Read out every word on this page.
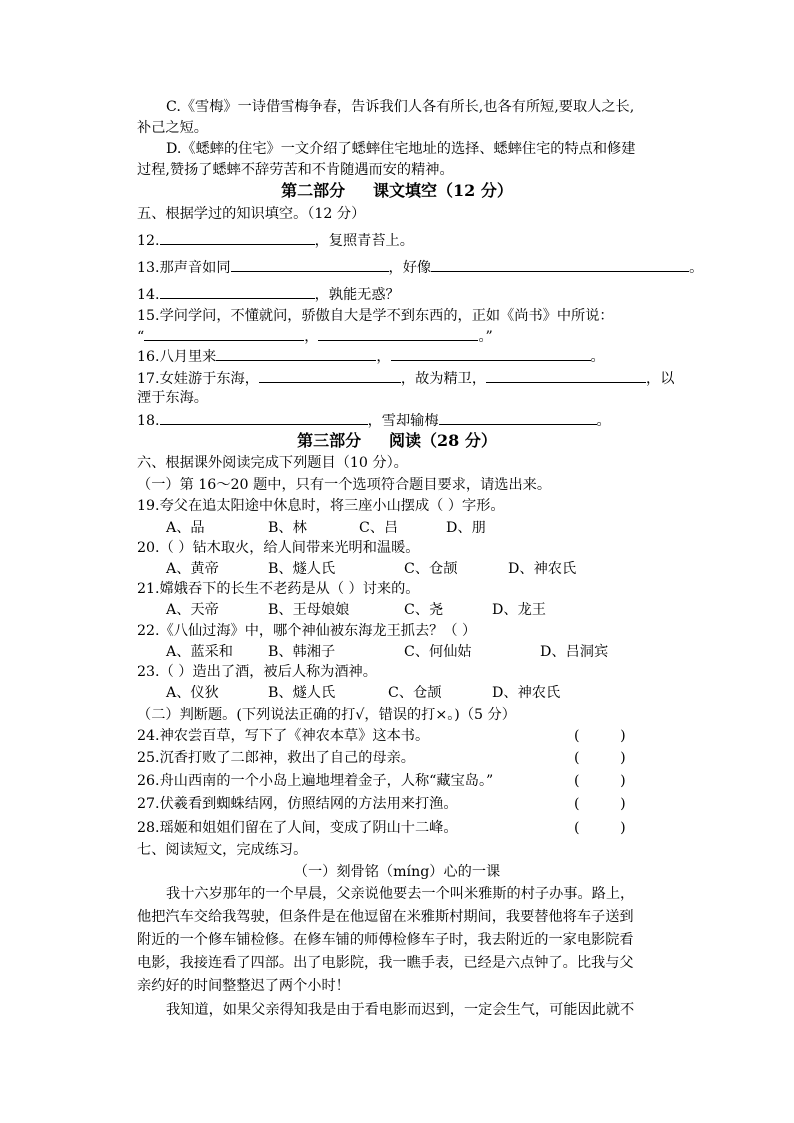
C.《雪梅》一诗借雪梅争春，告诉我们人各有所长,也各有所短,要取人之长,
补己之短。
D.《蟋蟀的住宅》一文介绍了蟋蟀住宅地址的选择、蟋蟀住宅的特点和修建
过程,赞扬了蟋蟀不辞劳苦和不肯随遇而安的精神。
第二部分     课文填空（12 分）
五、根据学过的知识填空。（12 分）
12.	，复照青苔上。
13.那声音如同	，好像	。
14.	，孰能无惑？
15.学问学问，不懂就问，骄傲自大是学不到东西的，正如《尚书》中所说：
“	，	。”
16.八月里来	，	。
17.女娃游于东海，	，故为精卫，	，以
湮于东海。
18.	，雪却输梅	。
第三部分     阅读（28 分）
六、根据课外阅读完成下列题目（10 分）。
（一）第 16～20 题中，只有一个选项符合题目要求，请选出来。
19.夸父在追太阳途中休息时，将三座小山摆成（ ）字形。
A、品	B、林	C、吕	D、朋
20.（ ）钻木取火，给人间带来光明和温暖。
A、黄帝	B、燧人氏	C、仓颉	D、神农氏
21.嫦娥吞下的长生不老药是从（ ）讨来的。
A、天帝	B、王母娘娘	C、尧	D、龙王
22.《八仙过海》中，哪个神仙被东海龙王抓去？（ ）
A、蓝采和 B、韩湘子	C、何仙姑	D、吕洞宾
23.（ ）造出了酒，被后人称为酒神。
A、仪狄	B、燧人氏	C、仓颉	D、神农氏
（二）判断题。(下列说法正确的打√，错误的打×。)（5 分）
24.神农尝百草，写下了《神农本草》这本书。	(         )
25.沉香打败了二郎神，救出了自己的母亲。	(         )
26.舟山西南的一个小岛上遍地埋着金子，人称“藏宝岛。”	(         )
27.伏羲看到蜘蛛结网，仿照结网的方法用来打渔。	(         )
28.瑶姬和姐姐们留在了人间，变成了阴山十二峰。	(         )
七、阅读短文，完成练习。
（一）刻骨铭（míng）心的一课
我十六岁那年的一个早晨，父亲说他要去一个叫米雅斯的村子办事。路上，
他把汽车交给我驾驶，但条件是在他逗留在米雅斯村期间，我要替他将车子送到
附近的一个修车铺检修。在修车铺的师傅检修车子时，我去附近的一家电影院看
电影，我接连看了四部。出了电影院，我一瞧手表，已经是六点钟了。比我与父
亲约好的时间整整迟了两个小时！
我知道，如果父亲得知我是由于看电影而迟到，一定会生气，可能因此就不
